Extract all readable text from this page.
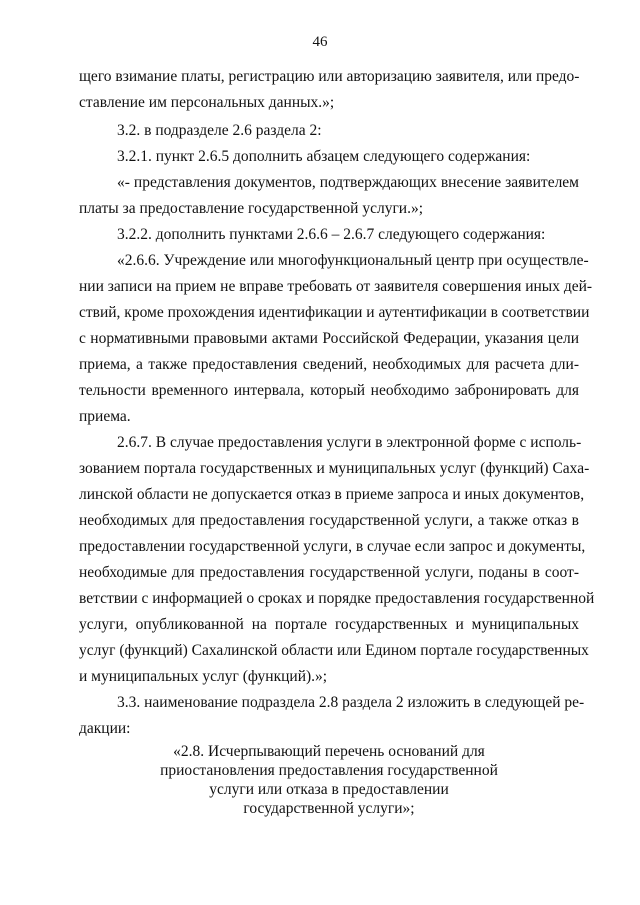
46
щего взимание платы, регистрацию или авторизацию заявителя, или предо-
ставление им персональных данных.»;
3.2. в подразделе 2.6 раздела 2:
3.2.1. пункт 2.6.5 дополнить абзацем следующего содержания:
«- представления документов, подтверждающих внесение заявителем
платы за предоставление государственной услуги.»;
3.2.2. дополнить пунктами 2.6.6 – 2.6.7 следующего содержания:
«2.6.6. Учреждение или многофункциональный центр при осуществле-
нии записи на прием не вправе требовать от заявителя совершения иных дей-
ствий, кроме прохождения идентификации и аутентификации в соответствии
с нормативными правовыми актами Российской Федерации, указания цели
приема, а также предоставления сведений, необходимых для расчета дли-
тельности временного интервала, который необходимо забронировать для
приема.
2.6.7. В случае предоставления услуги в электронной форме с исполь-
зованием портала государственных и муниципальных услуг (функций) Саха-
линской области не допускается отказ в приеме запроса и иных документов,
необходимых для предоставления государственной услуги, а также отказ в
предоставлении государственной услуги, в случае если запрос и документы,
необходимые для предоставления государственной услуги, поданы в соот-
ветствии с информацией о сроках и порядке предоставления государственной
услуги, опубликованной на портале государственных и муниципальных
услуг (функций) Сахалинской области или Едином портале государственных
и муниципальных услуг (функций).»;
3.3. наименование подраздела 2.8 раздела 2 изложить в следующей ре-
дакции:
«2.8. Исчерпывающий перечень оснований для
приостановления предоставления государственной
услуги или отказа в предоставлении
государственной услуги»;
